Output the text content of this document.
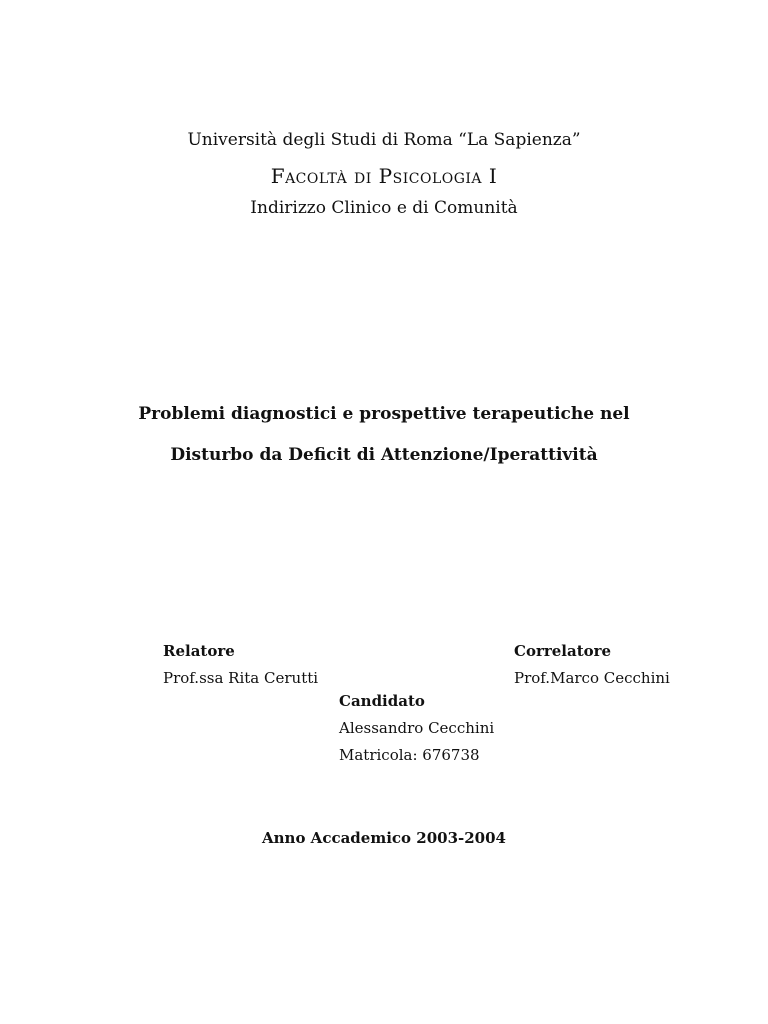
Università degli Studi di Roma “La Sapienza”
Facoltà di Psicologia I
Indirizzo Clinico e di Comunità
Problemi diagnostici e prospettive terapeutiche nel
Disturbo da Deficit di Attenzione/Iperattività
Relatore
Prof.ssa Rita Cerutti
Correlatore
Prof.Marco Cecchini
Candidato
Alessandro Cecchini
Matricola: 676738
Anno Accademico 2003-2004
